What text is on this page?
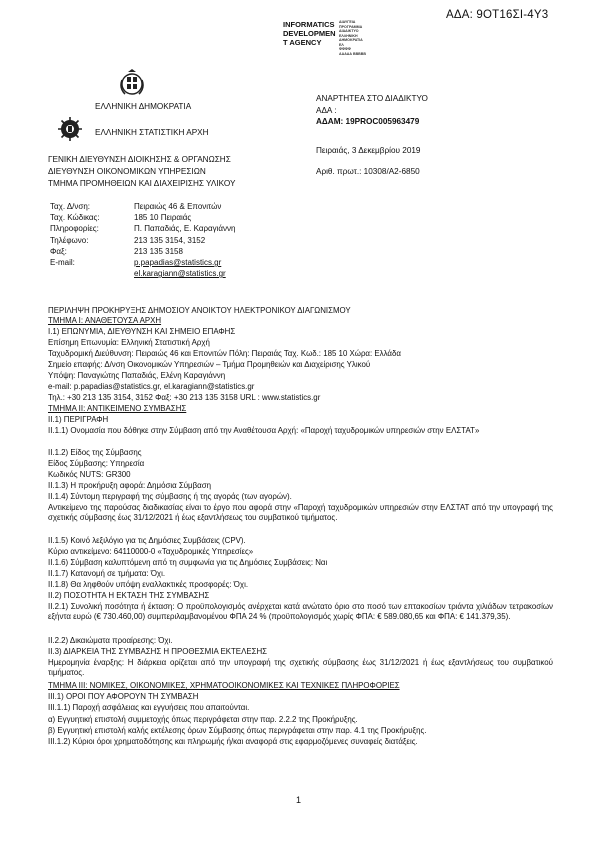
ΑΔΑ: 9ΟΤ16ΣΙ-4Υ3
INFORMATICS
DEVELOPMEN
T AGENCY
ΔΙΑΥΓΕΙΑ
ΠΡΟΓΡΑΜΜΑ
ΔΙΑΔΙΚΤΥΟ
ΕΛΛΗΝΙΚΗ
ΔΗΜΟΚΡΑΤΙΑ
ΕΛ
ΦΦΦΦ
ΑΑΑΑΑ ΒΒΒΒΒ
ΕΛΛΗΝΙΚΗ ΔΗΜΟΚΡΑΤΙΑ
ΕΛΛΗΝΙΚΗ ΣΤΑΤΙΣΤΙΚΗ ΑΡΧΗ
ΓΕΝΙΚΗ ΔΙΕΥΘΥΝΣΗ ΔΙΟΙΚΗΣΗΣ & ΟΡΓΑΝΩΣΗΣ
ΔΙΕΥΘΥΝΣΗ ΟΙΚΟΝΟΜΙΚΩΝ ΥΠΗΡΕΣΙΩΝ
ΤΜΗΜΑ ΠΡΟΜΗΘΕΙΩΝ ΚΑΙ ΔΙΑΧΕΙΡΙΣΗΣ ΥΛΙΚΟΥ
ΑΝΑΡΤΗΤΕΑ ΣΤΟ ΔΙΑΔΙΚΤΥΟ
ΑΔΑ :
ΑΔΑΜ: 19PROC005963479
Πειραιάς, 3 Δεκεμβρίου 2019
Αριθ. πρωτ.: 10308/Α2-6850
Ταχ. Δ/νση:	Πειραιώς 46 & Επονιτών
Ταχ. Κώδικας:	185 10 Πειραιάς
Πληροφορίες:	Π. Παπαδιάς, Ε. Καραγιάννη
Τηλέφωνο:	213 135 3154, 3152
Φαξ:	213 135 3158
E-mail:	p.papadias@statistics.gr
el.karagiann@statistics.gr
ΠΕΡΙΛΗΨΗ ΠΡΟΚΗΡΥΞΗΣ ΔΗΜΟΣΙΟΥ ΑΝΟΙΚΤΟΥ ΗΛΕΚΤΡΟΝΙΚΟΥ ΔΙΑΓΩΝΙΣΜΟΥ
ΤΜΗΜΑ Ι: ΑΝΑΘΕΤΟΥΣΑ ΑΡΧΗ
Ι.1) ΕΠΩΝΥΜΙΑ, ΔΙΕΥΘΥΝΣΗ ΚΑΙ ΣΗΜΕΙΟ ΕΠΑΦΗΣ
Επίσημη Επωνυμία: Ελληνική Στατιστική Αρχή
Ταχυδρομική Διεύθυνση: Πειραιώς 46 και Επονιτών Πόλη: Πειραιάς Ταχ. Κωδ.: 185 10 Χώρα: Ελλάδα
Σημείο επαφής: Δ/νση Οικονομικών Υπηρεσιών – Τμήμα Προμηθειών και Διαχείρισης Υλικού
Υπόψη: Παναγιώτης Παπαδιάς, Ελένη Καραγιάννη
e-mail: p.papadias@statistics.gr, el.karagiann@statistics.gr
Τηλ.: +30 213 135 3154, 3152 Φαξ: +30 213 135 3158 URL : www.statistics.gr
ΤΜΗΜΑ ΙΙ: ΑΝΤΙΚΕΙΜΕΝΟ ΣΥΜΒΑΣΗΣ
ΙΙ.1) ΠΕΡΙΓΡΑΦΗ
ΙΙ.1.1) Ονομασία που δόθηκε στην Σύμβαση από την Αναθέτουσα Αρχή: «Παροχή ταχυδρομικών υπηρεσιών στην ΕΛΣΤΑΤ»
ΙΙ.1.2) Είδος της Σύμβασης
Είδος Σύμβασης: Υπηρεσία
Κωδικός NUTS: GR300
ΙΙ.1.3) Η προκήρυξη αφορά: Δημόσια Σύμβαση
ΙΙ.1.4) Σύντομη περιγραφή της σύμβασης ή της αγοράς (των αγορών).
Αντικείμενο της παρούσας διαδικασίας είναι το έργο που αφορά στην «Παροχή ταχυδρομικών υπηρεσιών στην ΕΛΣΤΑΤ από την υπογραφή της σχετικής σύμβασης έως 31/12/2021 ή έως εξαντλήσεως του συμβατικού τιμήματος.
ΙΙ.1.5) Κοινό λεξιλόγιο για τις Δημόσιες Συμβάσεις (CPV).
Κύριο αντικείμενο: 64110000-0 «Ταχυδρομικές Υπηρεσίες»
ΙΙ.1.6) Σύμβαση καλυπτόμενη από τη συμφωνία για τις Δημόσιες Συμβάσεις: Ναι
ΙΙ.1.7) Κατανομή σε τμήματα: Όχι.
ΙΙ.1.8) Θα ληφθούν υπόψη εναλλακτικές προσφορές: Όχι.
ΙΙ.2) ΠΟΣΟΤΗΤΑ Η ΕΚΤΑΣΗ ΤΗΣ ΣΥΜΒΑΣΗΣ
ΙΙ.2.1) Συνολική ποσότητα ή έκταση: Ο προϋπολογισμός ανέρχεται κατά ανώτατο όριο στο ποσό των επτακοσίων τριάντα χιλιάδων τετρακοσίων εξήντα ευρώ (€ 730.460,00) συμπεριλαμβανομένου ΦΠΑ 24 % (προϋπολογισμός χωρίς ΦΠΑ: € 589.080,65 και ΦΠΑ: € 141.379,35).
ΙΙ.2.2) Δικαιώματα προαίρεσης: Όχι.
ΙΙ.3) ΔΙΑΡΚΕΙΑ ΤΗΣ ΣΥΜΒΑΣΗΣ Η ΠΡΟΘΕΣΜΙΑ ΕΚΤΕΛΕΣΗΣ
Ημερομηνία έναρξης: Η διάρκεια ορίζεται από την υπογραφή της σχετικής σύμβασης έως 31/12/2021 ή έως εξαντλήσεως του συμβατικού τιμήματος.
ΤΜΗΜΑ ΙΙΙ: ΝΟΜΙΚΕΣ, ΟΙΚΟΝΟΜΙΚΕΣ, ΧΡΗΜΑΤΟΟΙΚΟΝΟΜΙΚΕΣ ΚΑΙ ΤΕΧΝΙΚΕΣ ΠΛΗΡΟΦΟΡΙΕΣ
ΙΙΙ.1) ΟΡΟΙ ΠΟΥ ΑΦΟΡΟΥΝ ΤΗ ΣΥΜΒΑΣΗ
ΙΙΙ.1.1) Παροχή ασφάλειας και εγγυήσεις που απαιτούνται.
α) Εγγυητική επιστολή συμμετοχής όπως περιγράφεται στην παρ. 2.2.2 της Προκήρυξης.
β) Εγγυητική επιστολή καλής εκτέλεσης όρων Σύμβασης όπως περιγράφεται στην παρ. 4.1 της Προκήρυξης.
ΙΙΙ.1.2) Κύριοι όροι χρηματοδότησης και πληρωμής ή/και αναφορά στις εφαρμοζόμενες συναφείς διατάξεις.
1
